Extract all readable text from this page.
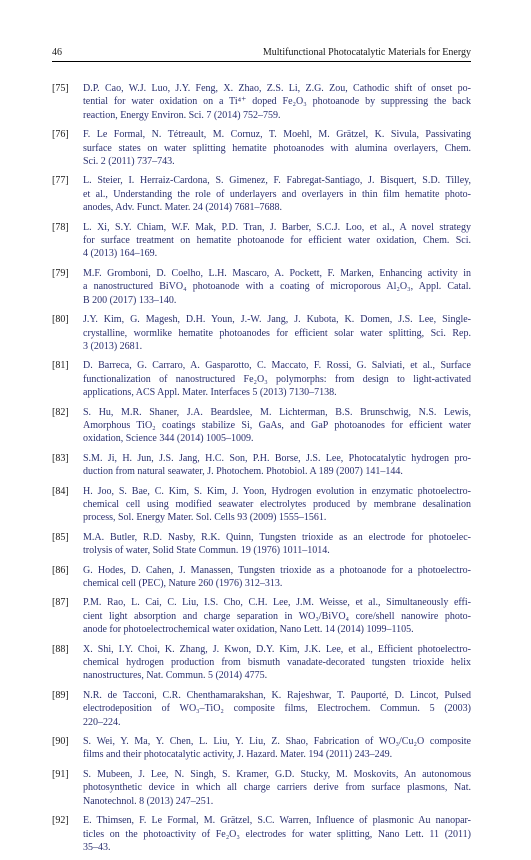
46	Multifunctional Photocatalytic Materials for Energy
[75] D.P. Cao, W.J. Luo, J.Y. Feng, X. Zhao, Z.S. Li, Z.G. Zou, Cathodic shift of onset po-
tential for water oxidation on a Ti⁴⁺ doped Fe₂O₃ photoanode by suppressing the back
reaction, Energy Environ. Sci. 7 (2014) 752–759.
[76] F. Le Formal, N. Tétreault, M. Cornuz, T. Moehl, M. Grätzel, K. Sivula, Passivating
surface states on water splitting hematite photoanodes with alumina overlayers, Chem.
Sci. 2 (2011) 737–743.
[77] L. Steier, I. Herraiz-Cardona, S. Gimenez, F. Fabregat-Santiago, J. Bisquert, S.D. Tilley,
et al., Understanding the role of underlayers and overlayers in thin film hematite photo-
anodes, Adv. Funct. Mater. 24 (2014) 7681–7688.
[78] L. Xi, S.Y. Chiam, W.F. Mak, P.D. Tran, J. Barber, S.C.J. Loo, et al., A novel strategy
for surface treatment on hematite photoanode for efficient water oxidation, Chem. Sci.
4 (2013) 164–169.
[79] M.F. Gromboni, D. Coelho, L.H. Mascaro, A. Pockett, F. Marken, Enhancing activity in
a nanostructured BiVO₄ photoanode with a coating of microporous Al₂O₃, Appl. Catal.
B 200 (2017) 133–140.
[80] J.Y. Kim, G. Magesh, D.H. Youn, J.-W. Jang, J. Kubota, K. Domen, J.S. Lee, Single-
crystalline, wormlike hematite photoanodes for efficient solar water splitting, Sci. Rep.
3 (2013) 2681.
[81] D. Barreca, G. Carraro, A. Gasparotto, C. Maccato, F. Rossi, G. Salviati, et al., Surface
functionalization of nanostructured Fe₂O₃ polymorphs: from design to light-activated
applications, ACS Appl. Mater. Interfaces 5 (2013) 7130–7138.
[82] S. Hu, M.R. Shaner, J.A. Beardslee, M. Lichterman, B.S. Brunschwig, N.S. Lewis,
Amorphous TiO₂ coatings stabilize Si, GaAs, and GaP photoanodes for efficient water
oxidation, Science 344 (2014) 1005–1009.
[83] S.M. Ji, H. Jun, J.S. Jang, H.C. Son, P.H. Borse, J.S. Lee, Photocatalytic hydrogen pro-
duction from natural seawater, J. Photochem. Photobiol. A 189 (2007) 141–144.
[84] H. Joo, S. Bae, C. Kim, S. Kim, J. Yoon, Hydrogen evolution in enzymatic photoelectro-
chemical cell using modified seawater electrolytes produced by membrane desalination
process, Sol. Energy Mater. Sol. Cells 93 (2009) 1555–1561.
[85] M.A. Butler, R.D. Nasby, R.K. Quinn, Tungsten trioxide as an electrode for photoelec-
trolysis of water, Solid State Commun. 19 (1976) 1011–1014.
[86] G. Hodes, D. Cahen, J. Manassen, Tungsten trioxide as a photoanode for a photoelectro-
chemical cell (PEC), Nature 260 (1976) 312–313.
[87] P.M. Rao, L. Cai, C. Liu, I.S. Cho, C.H. Lee, J.M. Weisse, et al., Simultaneously effi-
cient light absorption and charge separation in WO₃/BiVO₄ core/shell nanowire photo-
anode for photoelectrochemical water oxidation, Nano Lett. 14 (2014) 1099–1105.
[88] X. Shi, I.Y. Choi, K. Zhang, J. Kwon, D.Y. Kim, J.K. Lee, et al., Efficient photoelectro-
chemical hydrogen production from bismuth vanadate-decorated tungsten trioxide helix
nanostructures, Nat. Commun. 5 (2014) 4775.
[89] N.R. de Tacconi, C.R. Chenthamarakshan, K. Rajeshwar, T. Pauporté, D. Lincot, Pulsed
electrodeposition of WO₃–TiO₂ composite films, Electrochem. Commun. 5 (2003)
220–224.
[90] S. Wei, Y. Ma, Y. Chen, L. Liu, Y. Liu, Z. Shao, Fabrication of WO₃/Cu₂O composite
films and their photocatalytic activity, J. Hazard. Mater. 194 (2011) 243–249.
[91] S. Mubeen, J. Lee, N. Singh, S. Kramer, G.D. Stucky, M. Moskovits, An autonomous
photosynthetic device in which all charge carriers derive from surface plasmons, Nat.
Nanotechnol. 8 (2013) 247–251.
[92] E. Thimsen, F. Le Formal, M. Grätzel, S.C. Warren, Influence of plasmonic Au nanopar-
ticles on the photoactivity of Fe₂O₃ electrodes for water splitting, Nano Lett. 11 (2011)
35–43.
